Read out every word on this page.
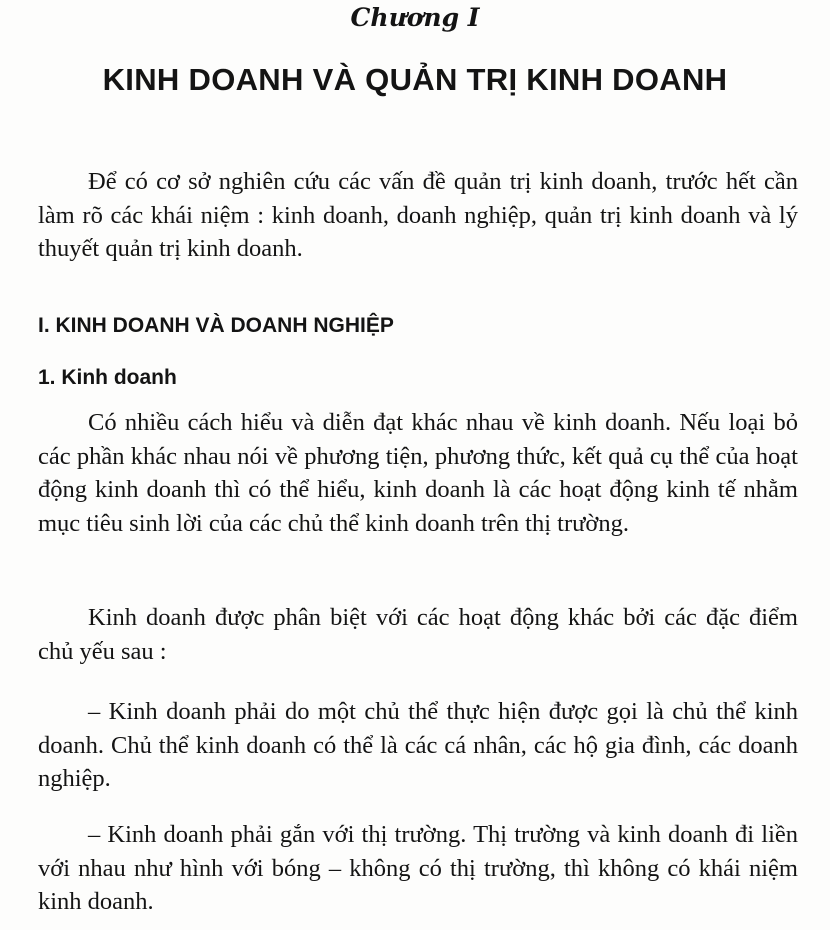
Chương I
KINH DOANH VÀ QUẢN TRỊ KINH DOANH

Để có cơ sở nghiên cứu các vấn đề quản trị kinh doanh, trước hết cần làm rõ các khái niệm : kinh doanh, doanh nghiệp, quản trị kinh doanh và lý thuyết quản trị kinh doanh.

I. KINH DOANH VÀ DOANH NGHIỆP
1. Kinh doanh

Có nhiều cách hiểu và diễn đạt khác nhau về kinh doanh. Nếu loại bỏ các phần khác nhau nói về phương tiện, phương thức, kết quả cụ thể của hoạt động kinh doanh thì có thể hiểu, kinh doanh là các hoạt động kinh tế nhằm mục tiêu sinh lời của các chủ thể kinh doanh trên thị trường.

Kinh doanh được phân biệt với các hoạt động khác bởi các đặc điểm chủ yếu sau :

– Kinh doanh phải do một chủ thể thực hiện được gọi là chủ thể kinh doanh. Chủ thể kinh doanh có thể là các cá nhân, các hộ gia đình, các doanh nghiệp.

– Kinh doanh phải gắn với thị trường. Thị trường và kinh doanh đi liền với nhau như hình với bóng – không có thị trường, thì không có khái niệm kinh doanh.
